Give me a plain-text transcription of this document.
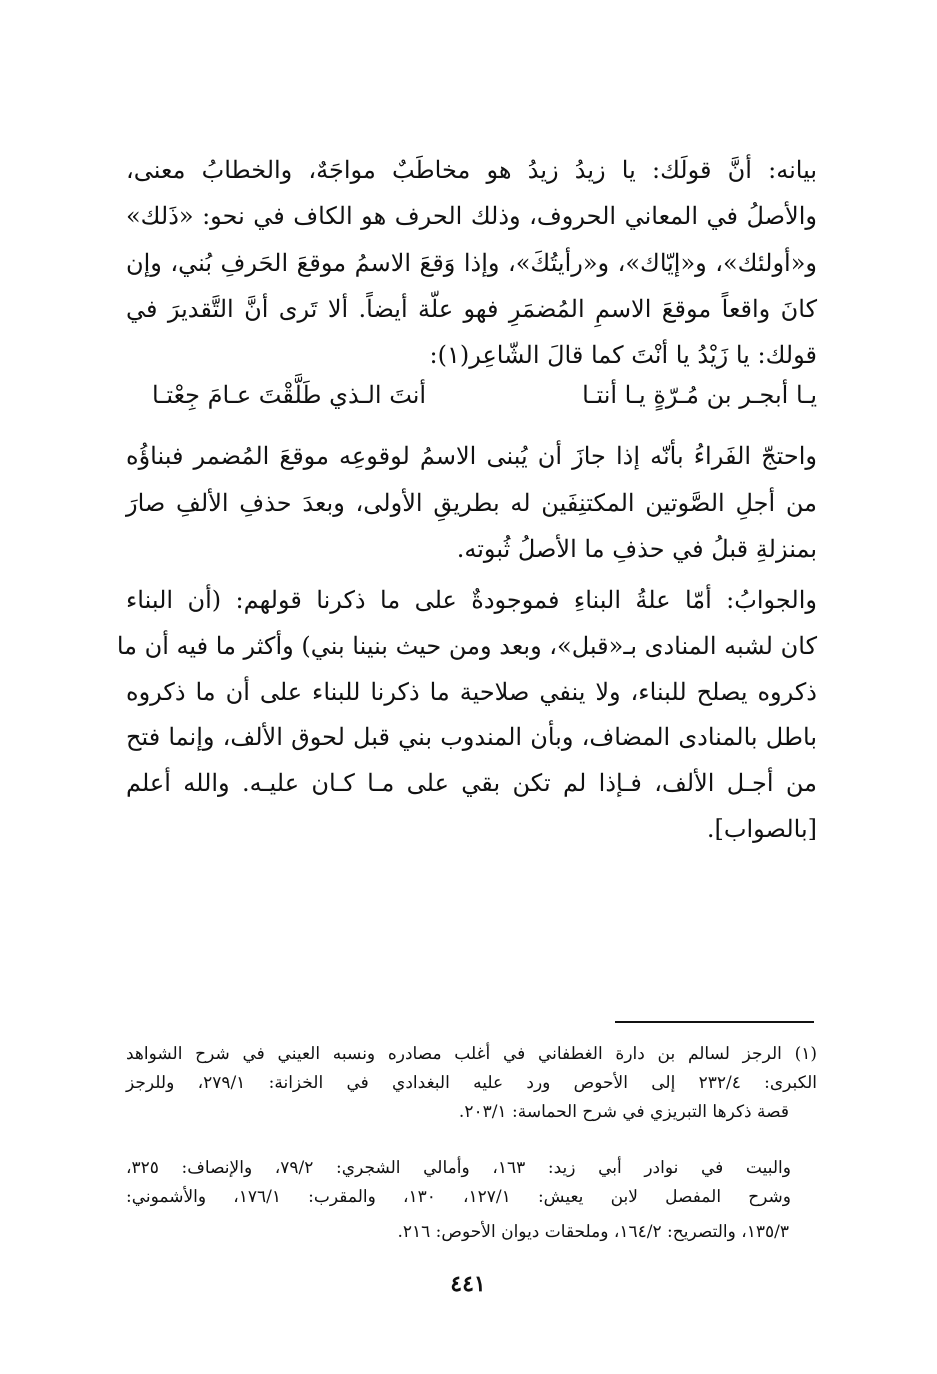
بيانه: أنَّ قولَك: يا زيدُ زيدُ هو مخاطَبٌ مواجَهٌ، والخطابُ معنى،
والأصلُ في المعاني الحروف، وذلك الحرف هو الكاف في نحو: «ذَلك»
و«أولئك»، و«إيّاك»، و«رأيتُكَ»، وإذا وَقعَ الاسمُ موقعَ الحَرفِ بُني، وإن
كانَ واقعاً موقعَ الاسمِ المُضمَرِ فهو علّة أيضاً. ألا تَرى أنَّ التَّقديرَ في
قولك: يا زَيْدُ يا أنْتَ كما قالَ الشّاعِر(١):
يـا أبجـر بن مُـرّةٍ يـا أنتـا
أنتَ الـذي طَلَّقْتَ عـامَ جِعْتـا
واحتجّ الفَراءُ بأنّه إذا جازَ أن يُبنى الاسمُ لوقوعِه موقعَ المُضمر فبناؤُه
من أجلِ الصَّوتين المكتنِفَين له بطريقِ الأولى، وبعدَ حذفِ الألفِ صارَ
بمنزلةِ قبلُ في حذفِ ما الأصلُ ثُبوته.
والجوابُ: أمّا علةُ البناءِ فموجودةٌ على ما ذكرنا قولهم: (أن البناء
كان لشبه المنادى بـ«قبل»، وبعد ومن حيث بنينا بني) وأكثر ما فيه أن ما
ذكروه يصلح للبناء، ولا ينفي صلاحية ما ذكرنا للبناء على أن ما ذكروه
باطل بالمنادى المضاف، وبأن المندوب بني قبل لحوق الألف، وإنما فتح
من أجـل الألف، فـإذا لم تكن بقي على مـا كـان عليـه. والله أعلم
[بالصواب].
(١) الرجز لسالم بن دارة الغطفاني في أغلب مصادره ونسبه العيني في شرح الشواهد
الكبرى: ٢٣٢/٤ إلى الأحوص ورد عليه البغدادي في الخزانة: ٢٧٩/١، وللرجز
قصة ذكرها التبريزي في شرح الحماسة: ٢٠٣/١.
والبيت في نوادر أبي زيد: ١٦٣، وأمالي الشجري: ٧٩/٢، والإنصاف: ٣٢٥،
وشرح المفصل لابن يعيش: ١٢٧/١، ١٣٠، والمقرب: ١٧٦/١، والأشموني:
١٣٥/٣، والتصريح: ١٦٤/٢، وملحقات ديوان الأحوص: ٢١٦.
٤٤١
